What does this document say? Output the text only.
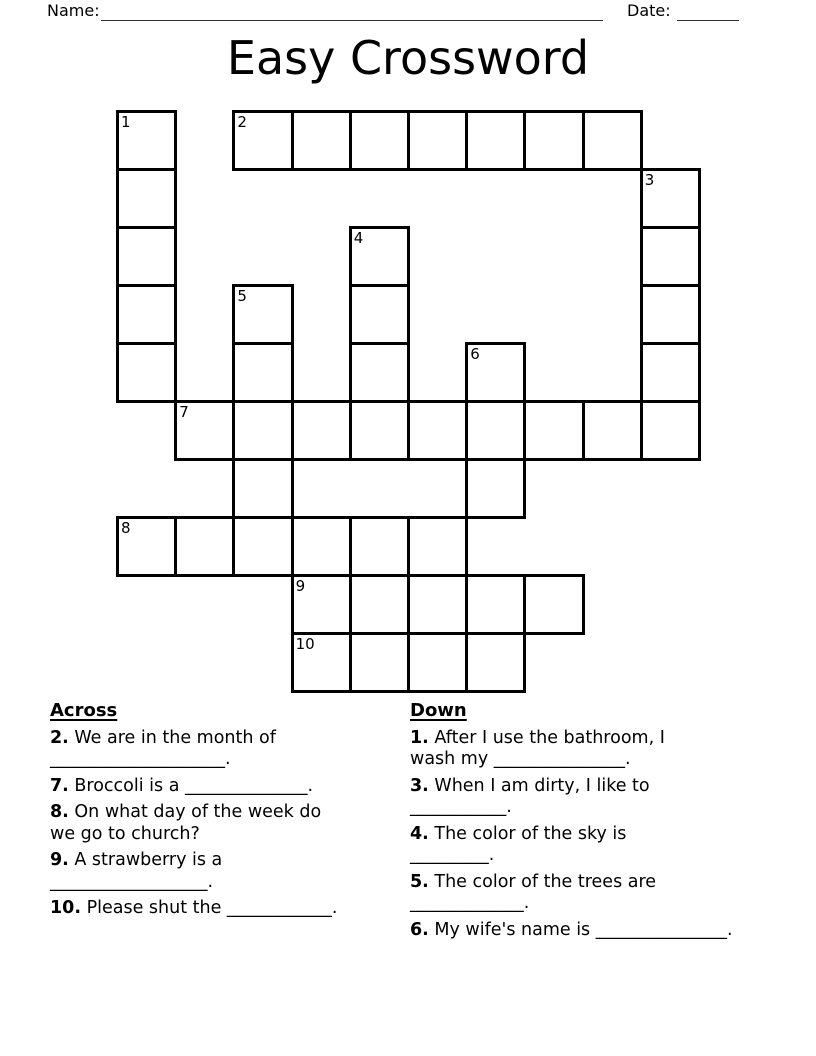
Name:	Date:
Easy Crossword
1	2
3
4
5
6
7
8
9
10
Across
2. We are in the month of
____________________.
7. Broccoli is a ______________.
8. On what day of the week do
we go to church?
9. A strawberry is a
__________________.
10. Please shut the ____________.
Down
1. After I use the bathroom, I
wash my _______________.
3. When I am dirty, I like to
___________.
4. The color of the sky is
_________.
5. The color of the trees are
_____________.
6. My wife's name is _______________.
